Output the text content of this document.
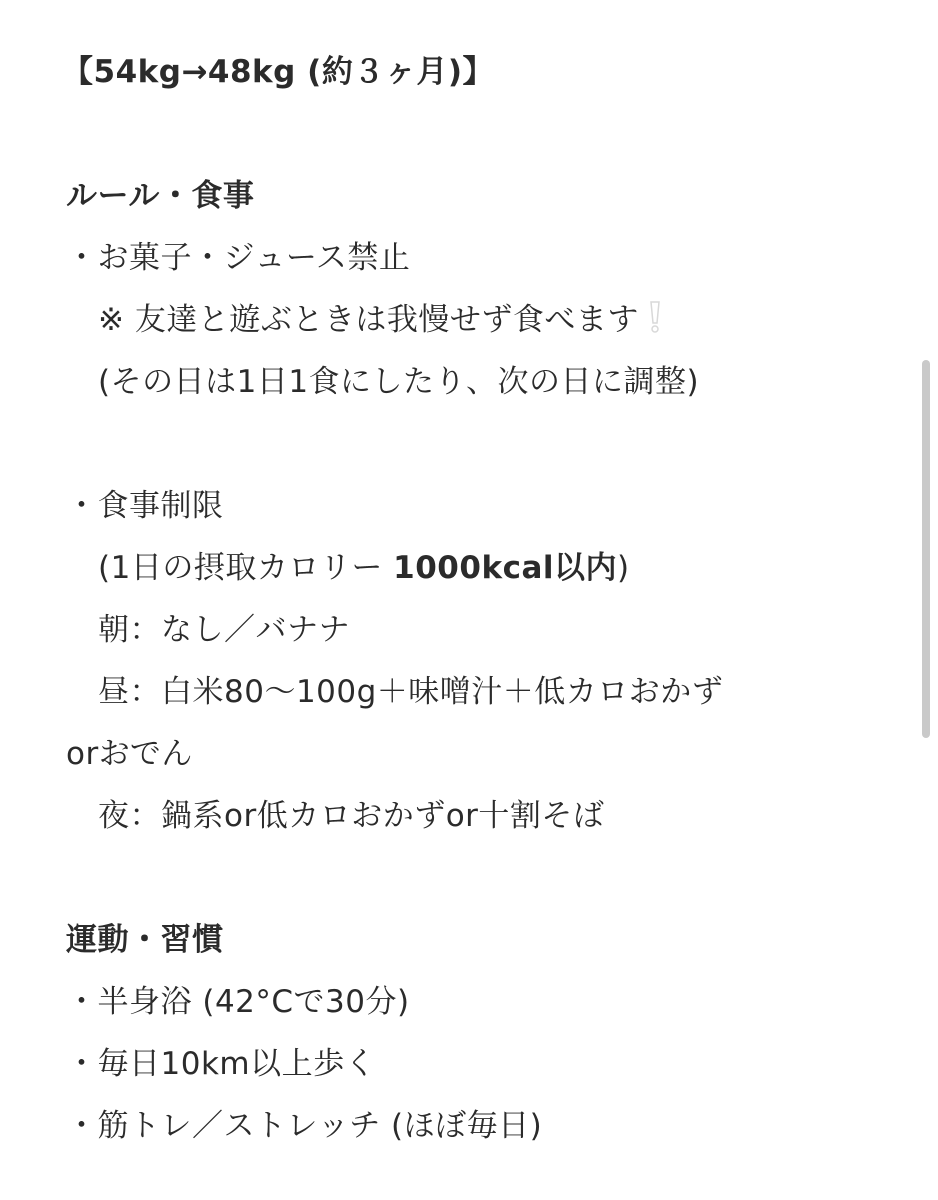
【54kg→48kg (約３ヶ月)】
ルール・食事
・お菓子・ジュース禁止
※ 友達と遊ぶときは我慢せず食べます
(その日は1日1食にしたり、次の日に調整)
・食事制限
(1日の摂取カロリー 1000kcal以内)
朝：なし／バナナ
昼：白米80～100g＋味噌汁＋低カロおかず
orおでん
夜：鍋系or低カロおかずor十割そば
運動・習慣
・半身浴 (42°Cで30分)
・毎日10km以上歩く
・筋トレ／ストレッチ (ほぼ毎日)
